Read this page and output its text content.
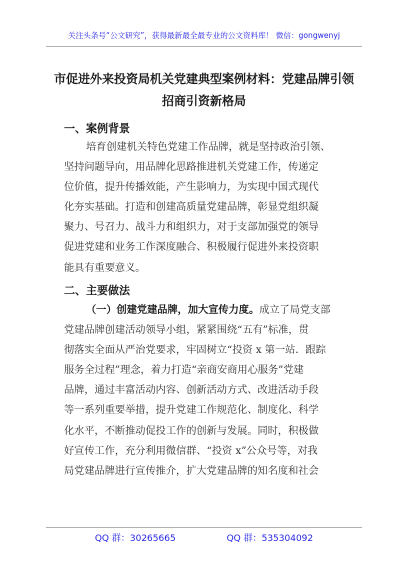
关注头条号“公文研究”，获得最新最全最专业的公文资料库！ 微信：gongwenyj
市促进外来投资局机关党建典型案例材料：党建品牌引领
招商引资新格局
一、案例背景

培育创建机关特色党建工作品牌，就是坚持政治引领、

坚持问题导向，用品牌化思路推进机关党建工作，传递定

位价值，提升传播效能，产生影响力，为实现中国式现代

化夯实基础。打造和创建高质量党建品牌，彰显党组织凝

聚力、号召力、战斗力和组织力，对于支部加强党的领导

促进党建和业务工作深度融合、积极履行促进外来投资职

能具有重要意义。

二、主要做法

（一）创建党建品牌，加大宣传力度。成立了局党支部

党建品牌创建活动领导小组，紧紧围绕“五有”标准，贯

彻落实全面从严治党要求，牢固树立“投资 x 第一站．跟踪

服务全过程”理念，着力打造“亲商安商用心服务”党建

品牌，通过丰富活动内容、创新活动方式、改进活动手段

等一系列重要举措，提升党建工作规范化、制度化、科学

化水平，不断推动促投工作的创新与发展。同时，积极做

好宣传工作，充分利用微信群、“投资 x”公众号等，对我

局党建品牌进行宣传推介，扩大党建品牌的知名度和社会

QQ 群：30265665	QQ 群：535304092
